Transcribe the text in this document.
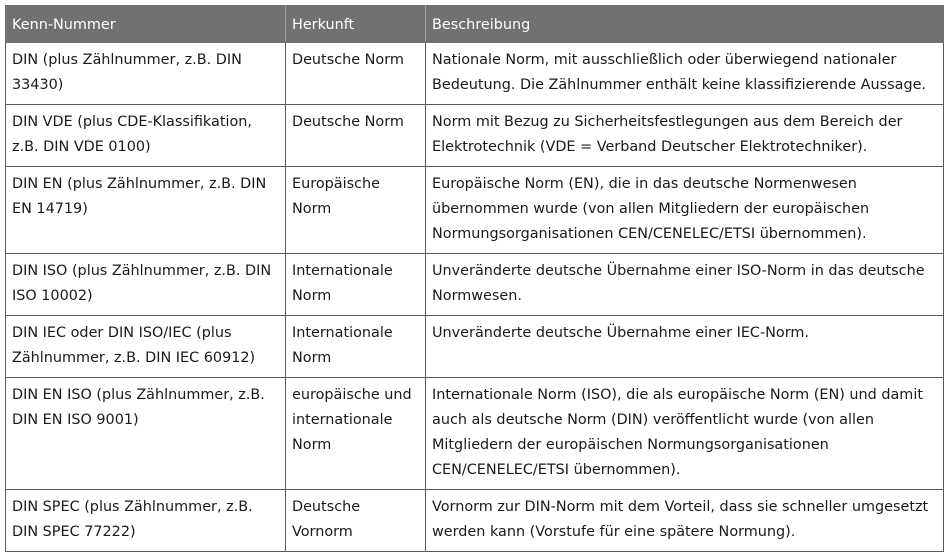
Kenn-Nummer	Herkunft	Beschreibung
DIN (plus Zählnummer, z.B. DIN 33430)	Deutsche Norm	Nationale Norm, mit ausschließlich oder überwiegend nationaler Bedeutung. Die Zählnummer enthält keine klassifizierende Aussage.
DIN VDE (plus CDE-Klassifikation, z.B. DIN VDE 0100)	Deutsche Norm	Norm mit Bezug zu Sicherheitsfestlegungen aus dem Bereich der Elektrotechnik (VDE = Verband Deutscher Elektrotechniker).
DIN EN (plus Zählnummer, z.B. DIN EN 14719)	Europäische Norm	Europäische Norm (EN), die in das deutsche Normenwesen übernommen wurde (von allen Mitgliedern der europäischen Normungsorganisationen CEN/CENELEC/ETSI übernommen).
DIN ISO (plus Zählnummer, z.B. DIN ISO 10002)	Internationale Norm	Unveränderte deutsche Übernahme einer ISO-Norm in das deutsche Normwesen.
DIN IEC oder DIN ISO/IEC (plus Zählnummer, z.B. DIN IEC 60912)	Internationale Norm	Unveränderte deutsche Übernahme einer IEC-Norm.
DIN EN ISO (plus Zählnummer, z.B. DIN EN ISO 9001)	europäische und internationale Norm	Internationale Norm (ISO), die als europäische Norm (EN) und damit auch als deutsche Norm (DIN) veröffentlicht wurde (von allen Mitgliedern der europäischen Normungsorganisationen CEN/CENELEC/ETSI übernommen).
DIN SPEC (plus Zählnummer, z.B. DIN SPEC 77222)	Deutsche Vornorm	Vornorm zur DIN-Norm mit dem Vorteil, dass sie schneller umgesetzt werden kann (Vorstufe für eine spätere Normung).
